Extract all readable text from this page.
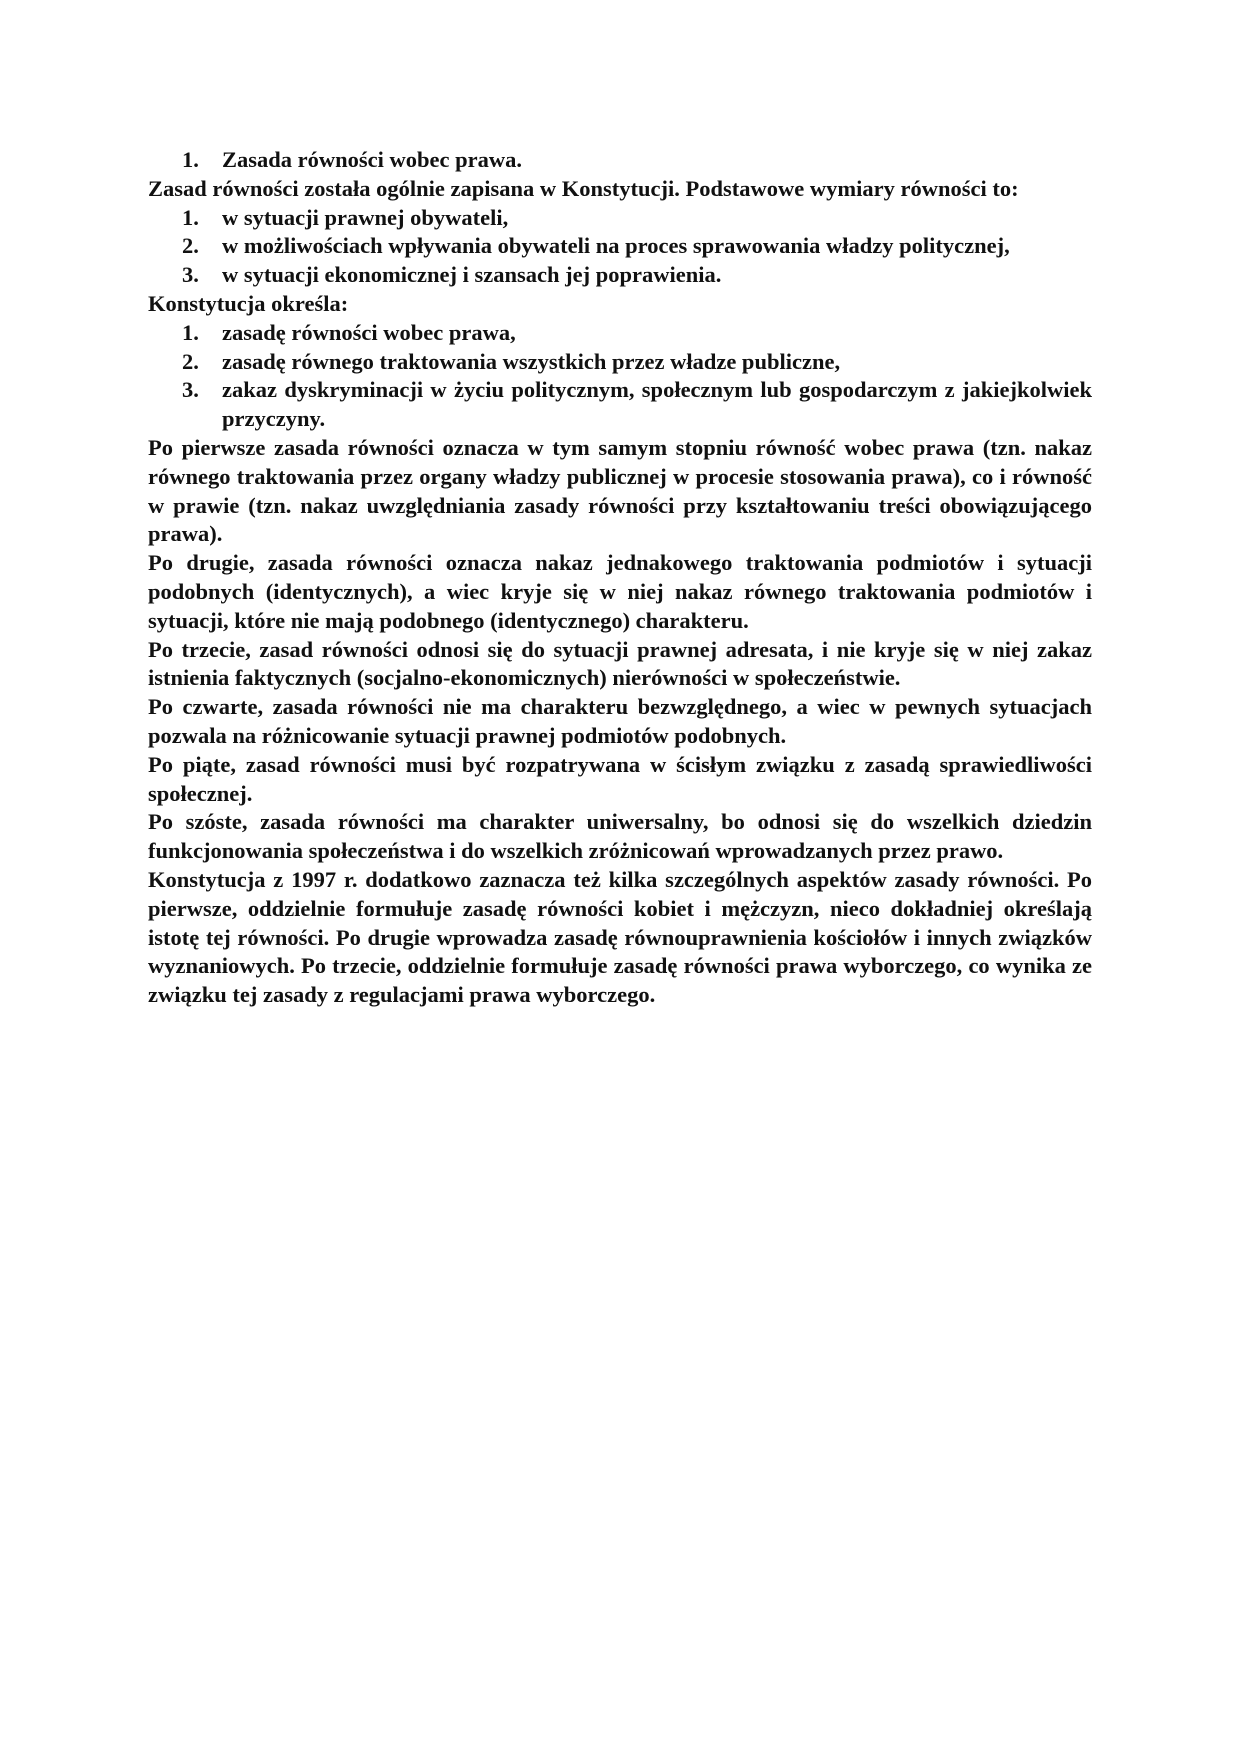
1.	Zasada równości wobec prawa.

Zasad równości została ogólnie zapisana w Konstytucji. Podstawowe wymiary równości to:

1.	w sytuacji prawnej obywateli,
2.	w możliwościach wpływania obywateli na proces sprawowania władzy politycznej,
3.	w sytuacji ekonomicznej i szansach jej poprawienia.

Konstytucja określa:

1.	zasadę równości wobec prawa,
2.	zasadę równego traktowania wszystkich przez władze publiczne,
3.	zakaz dyskryminacji w życiu politycznym, społecznym lub gospodarczym z jakiejkolwiek przyczyny.

Po pierwsze zasada równości oznacza w tym samym stopniu równość wobec prawa (tzn. nakaz równego traktowania przez organy władzy publicznej w procesie stosowania prawa), co i równość w prawie (tzn. nakaz uwzględniania zasady równości przy kształtowaniu treści obowiązującego prawa).

Po drugie, zasada równości oznacza nakaz jednakowego traktowania podmiotów i sytuacji podobnych (identycznych), a wiec kryje się w niej nakaz równego traktowania podmiotów i sytuacji, które nie mają podobnego (identycznego) charakteru.

Po trzecie, zasad równości odnosi się do sytuacji prawnej adresata, i nie kryje się w niej zakaz istnienia faktycznych (socjalno-ekonomicznych) nierówności w społeczeństwie.

Po czwarte, zasada równości nie ma charakteru bezwzględnego, a wiec w pewnych sytuacjach pozwala na różnicowanie sytuacji prawnej podmiotów podobnych.

Po piąte, zasad równości musi być rozpatrywana w ścisłym związku z zasadą sprawiedliwości społecznej.

Po szóste, zasada równości ma charakter uniwersalny, bo odnosi się do wszelkich dziedzin funkcjonowania społeczeństwa i do wszelkich zróżnicowań wprowadzanych przez prawo.

Konstytucja z 1997 r. dodatkowo zaznacza też kilka szczególnych aspektów zasady równości. Po pierwsze, oddzielnie formułuje zasadę równości kobiet i mężczyzn, nieco dokładniej określają istotę tej równości. Po drugie wprowadza zasadę równouprawnienia kościołów i innych związków wyznaniowych. Po trzecie, oddzielnie formułuje zasadę równości prawa wyborczego, co wynika ze związku tej zasady z regulacjami prawa wyborczego.
